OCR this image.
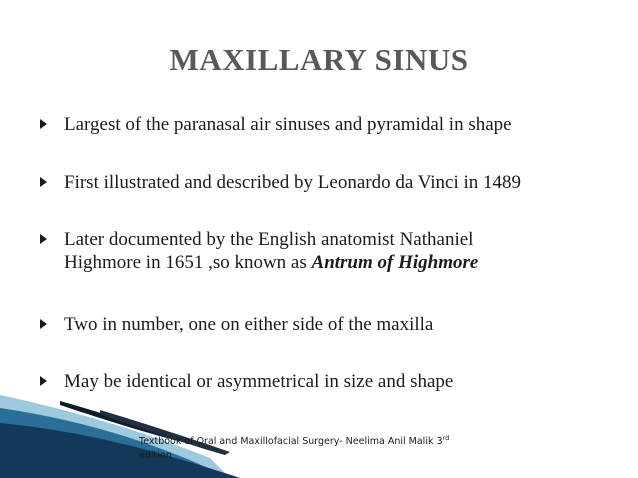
MAXILLARY SINUS
Largest of the paranasal air sinuses and pyramidal in shape
First illustrated and described by Leonardo da Vinci in 1489
Later documented by the English anatomist Nathaniel
Highmore in 1651 ,so known as Antrum of Highmore
Two in number, one on either side of the maxilla
May be identical or asymmetrical in size and shape
Textbook of Oral and Maxillofacial Surgery- Neelima Anil Malik 3rd
edition
